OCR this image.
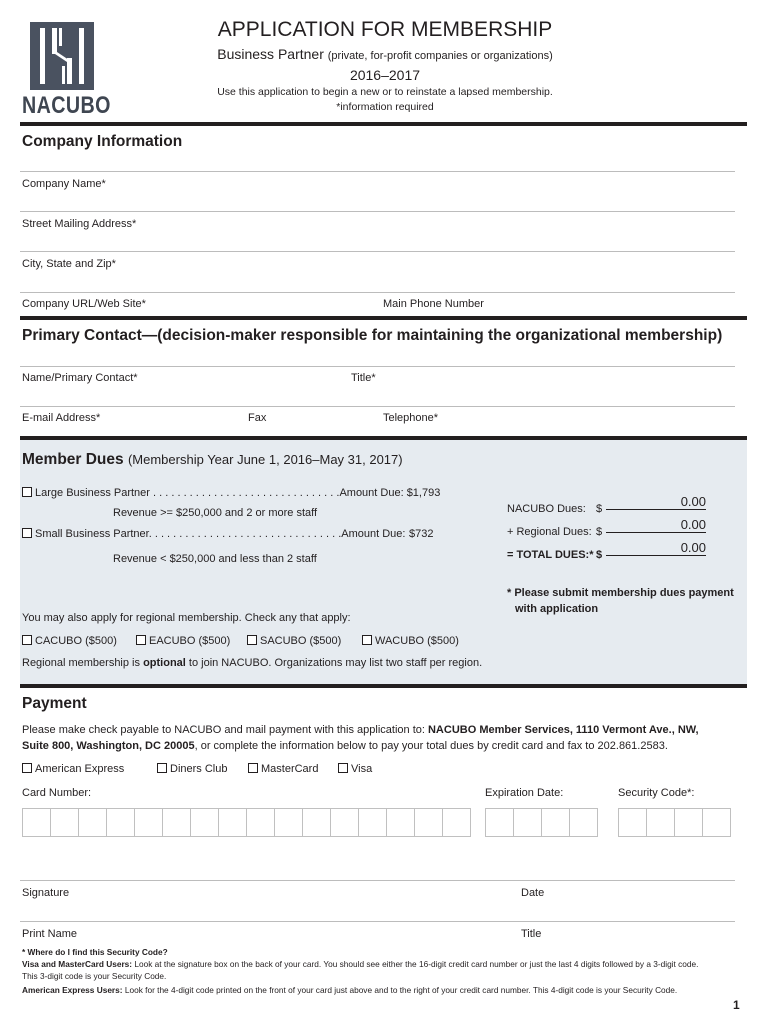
NACUBO
APPLICATION FOR MEMBERSHIP
Business Partner (private, for-profit companies or organizations)
2016–2017
Use this application to begin a new or to reinstate a lapsed membership.
*information required
Company Information
Company Name*
Street Mailing Address*
City, State and Zip*
Company URL/Web Site*	Main Phone Number
Primary Contact—(decision-maker responsible for maintaining the organizational membership)
Name/Primary Contact*	Title*
E-mail Address*	Fax	Telephone*
Member Dues (Membership Year June 1, 2016–May 31, 2017)
Large Business Partner . . . . . . . . . . . . . . . . . . . . . . . . . . . . . . .Amount Due: $1,793
Revenue >= $250,000 and 2 or more staff
Small Business Partner. . . . . . . . . . . . . . . . . . . . . . . . . . . . . . . .Amount Due: $732
Revenue < $250,000 and less than 2 staff
NACUBO Dues: $	0.00
+ Regional Dues: $	0.00
= TOTAL DUES:* $	0.00
* Please submit membership dues payment
with application
You may also apply for regional membership. Check any that apply:
CACUBO ($500)	EACUBO ($500)	SACUBO ($500)	WACUBO ($500)
Regional membership is optional to join NACUBO. Organizations may list two staff per region.
Payment
Please make check payable to NACUBO and mail payment with this application to: NACUBO Member Services, 1110 Vermont Ave., NW,
Suite 800, Washington, DC 20005, or complete the information below to pay your total dues by credit card and fax to 202.861.2583.
American Express	Diners Club	MasterCard	Visa
Card Number:	Expiration Date:	Security Code*:
Signature	Date
Print Name	Title
* Where do I find this Security Code?
Visa and MasterCard Users: Look at the signature box on the back of your card. You should see either the 16-digit credit card number or just the last 4 digits followed by a 3-digit code.
This 3-digit code is your Security Code.
American Express Users: Look for the 4-digit code printed on the front of your card just above and to the right of your credit card number. This 4-digit code is your Security Code.
1
